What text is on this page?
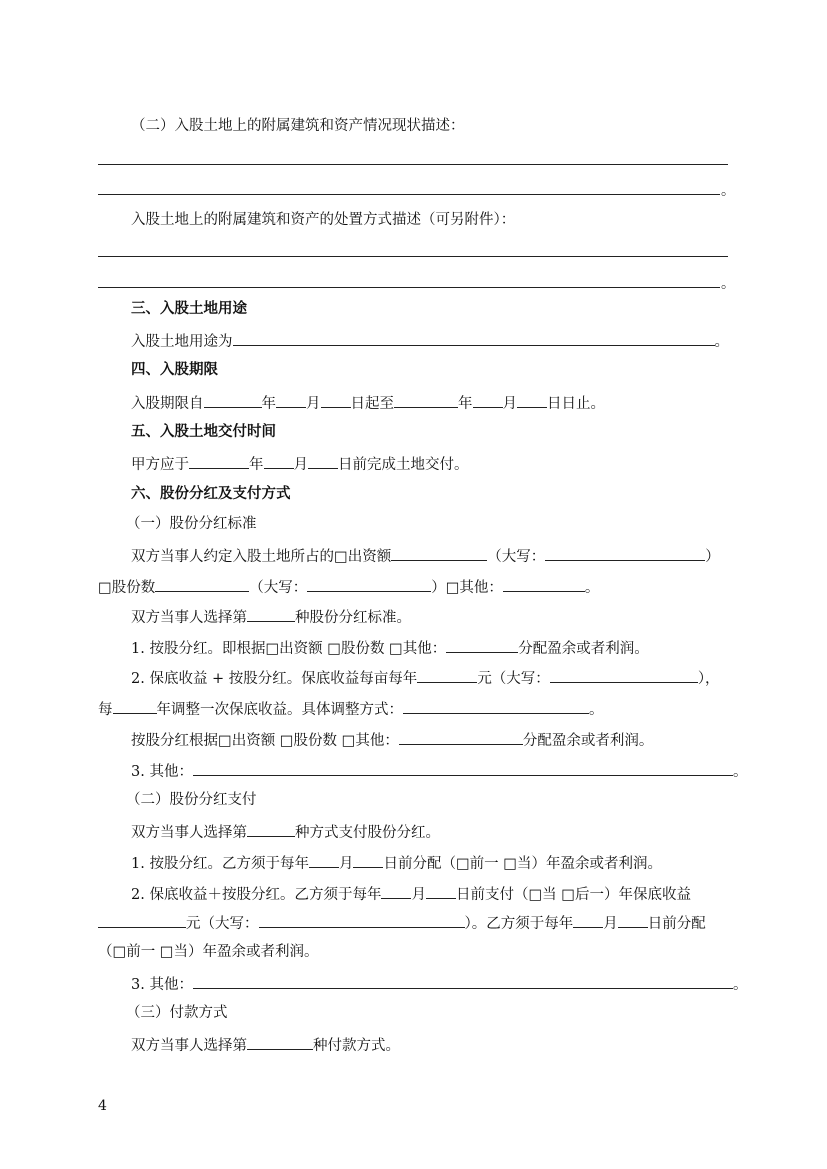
（二）入股土地上的附属建筑和资产情况现状描述：
。
入股土地上的附属建筑和资产的处置方式描述（可另附件）：
。
三、入股土地用途
入股土地用途为	。
四、入股期限
入股期限自	年 月 日起至	年 月 日日止。
五、入股土地交付时间
甲方应于	年 月 日前完成土地交付。
六、股份分红及支付方式
（一）股份分红标准
双方当事人约定入股土地所占的□出资额	（大写：	）
□股份数	（大写：	）□其他：	。
双方当事人选择第	种股份分红标准。
1. 按股分红。即根据□出资额 □股份数 □其他：	分配盈余或者利润。
2. 保底收益 + 按股分红。保底收益每亩每年	元（大写：	），
每	年调整一次保底收益。具体调整方式：	。
按股分红根据□出资额 □股份数 □其他：	分配盈余或者利润。
3. 其他：	。
（二）股份分红支付
双方当事人选择第	种方式支付股份分红。
1. 按股分红。乙方须于每年 月 日前分配（□前一 □当）年盈余或者利润。
2. 保底收益＋按股分红。乙方须于每年 月 日前支付（□当 □后一）年保底收益
元（大写：	）。乙方须于每年 月 日前分配
（□前一 □当）年盈余或者利润。
3. 其他：	。
（三）付款方式
双方当事人选择第	种付款方式。
4
